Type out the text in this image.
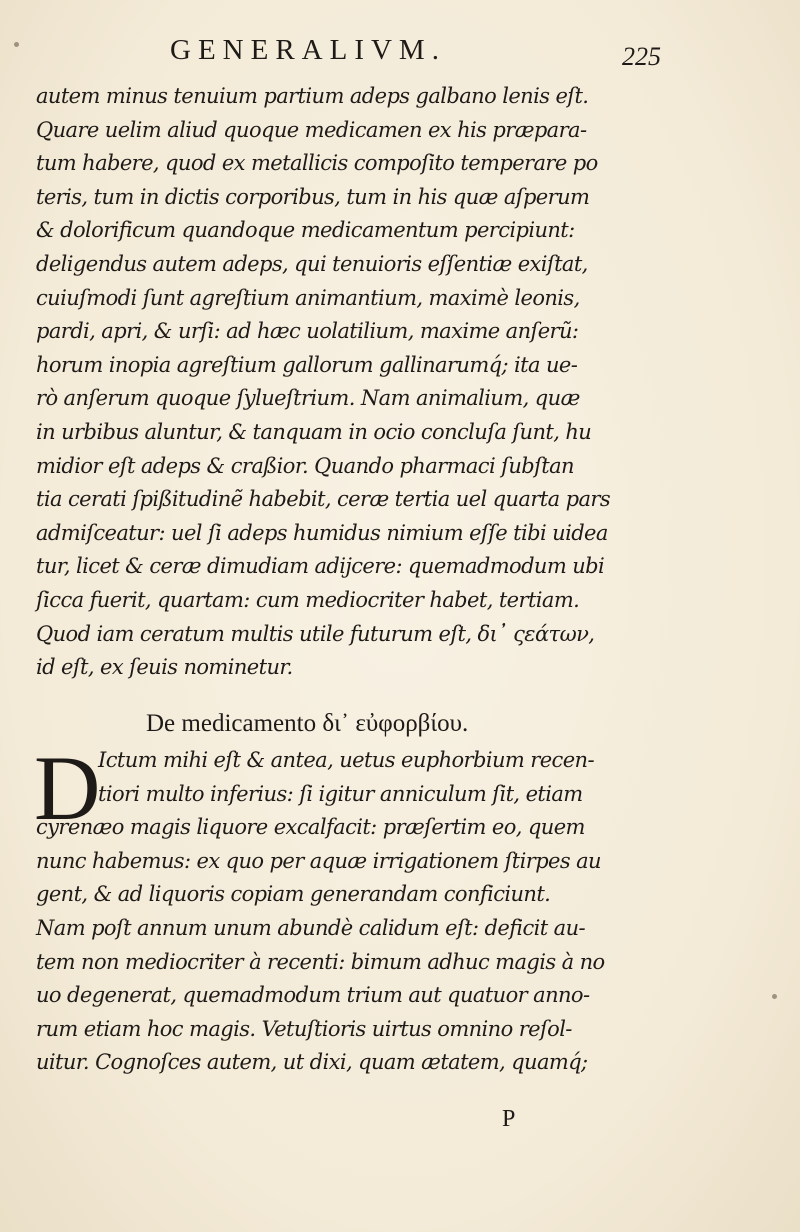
GENERALIVM.	225
autem minus tenuium partium adeps galbano lenis eſt.
Quare uelim aliud quoque medicamen ex his præpara-
tum habere, quod ex metallicis compoſito temperare po
teris, tum in dictis corporibus, tum in his quæ aſperum
& dolorificum quandoque medicamentum percipiunt:
deligendus autem adeps, qui tenuioris eſſentiæ exiſtat,
cuiuſmodi ſunt agreſtium animantium, maximè leonis,
pardi, apri, & urſi: ad hæc uolatilium, maxime anſerũ:
horum inopia agreſtium gallorum gallinarumq́; ita ue-
rò anſerum quoque ſylueſtrium. Nam animalium, quæ
in urbibus aluntur, & tanquam in ocio concluſa ſunt, hu
midior eſt adeps & craßior. Quando pharmaci ſubſtan
tia cerati ſpißitudinẽ habebit, ceræ tertia uel quarta pars
admiſceatur: uel ſi adeps humidus nimium eſſe tibi uidea
tur, licet & ceræ dimudiam adijcere: quemadmodum ubi
ſicca fuerit, quartam: cum mediocriter habet, tertiam.
Quod iam ceratum multis utile futurum eſt, δι᾽ ςεάτων,
id eſt, ex ſeuis nominetur.
De medicamento δι᾽ εὐφορβίου.
D
Ictum mihi eſt & antea, uetus euphorbium recen-
tiori multo inferius: ſi igitur anniculum ſit, etiam
cyrenæo magis liquore excalfacit: præſertim eo, quem
nunc habemus: ex quo per aquæ irrigationem ſtirpes au
gent, & ad liquoris copiam generandam conficiunt.
Nam poſt annum unum abundè calidum eſt: deficit au-
tem non mediocriter à recenti: bimum adhuc magis à no
uo degenerat, quemadmodum trium aut quatuor anno-
rum etiam hoc magis. Vetuſtioris uirtus omnino reſol-
uitur. Cognoſces autem, ut dixi, quam ætatem, quamq́;
P
